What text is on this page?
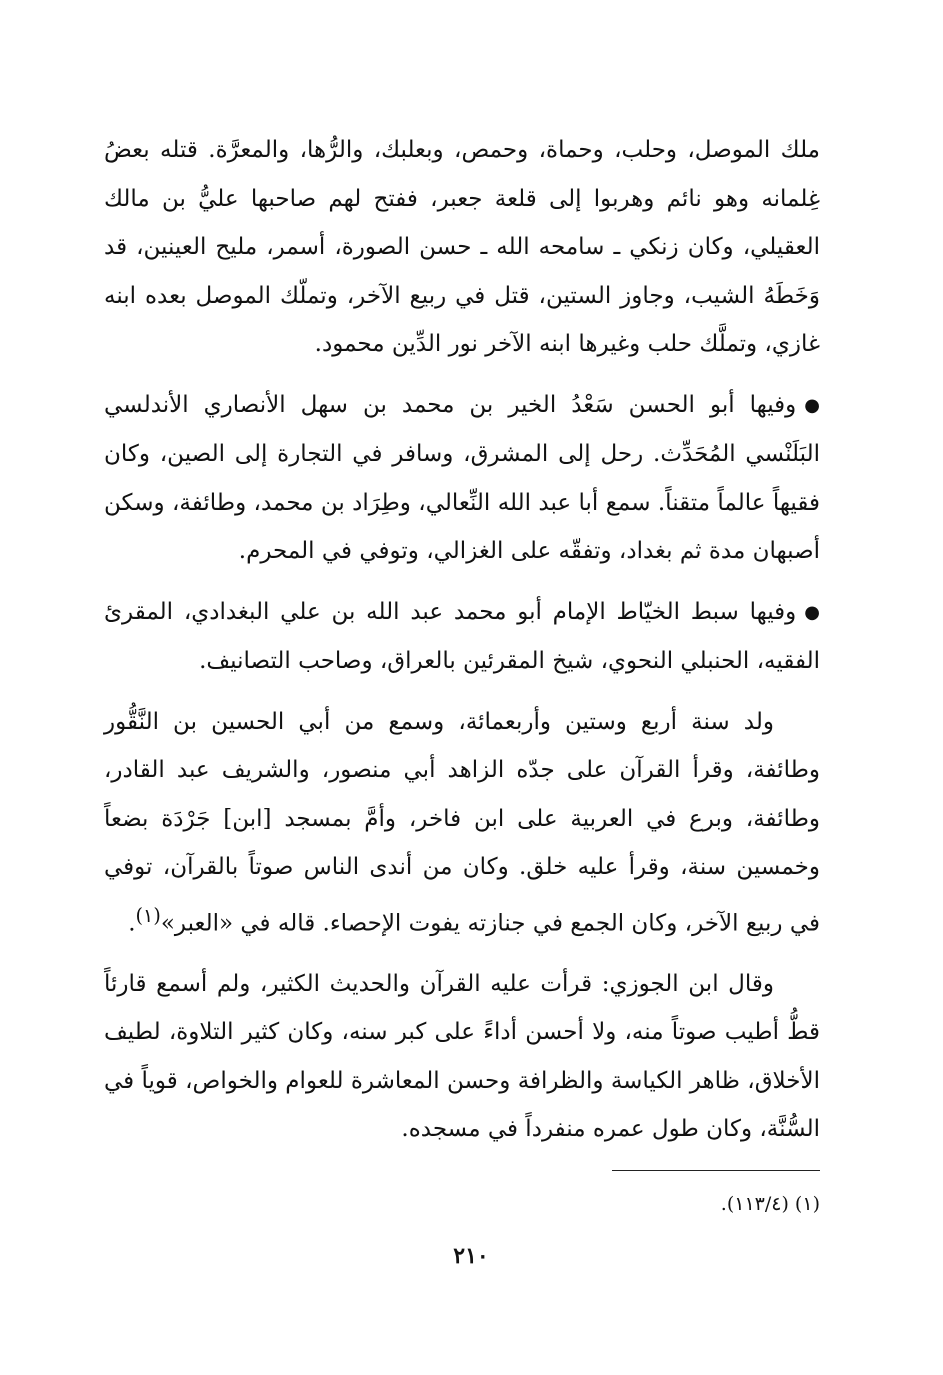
ملك الموصل، وحلب، وحماة، وحمص، وبعلبك، والرُّها، والمعرَّة. قتله بعضُ غِلمانه وهو نائم وهربوا إلى قلعة جعبر، ففتح لهم صاحبها عليُّ بن مالك العقيلي، وكان زنكي ـ سامحه الله ـ حسن الصورة، أسمر، مليح العينين، قد وَخَطَهُ الشيب، وجاوز الستين، قتل في ربيع الآخر، وتملّك الموصل بعده ابنه غازي، وتملَّك حلب وغيرها ابنه الآخر نور الدِّين محمود.

●وفيها أبو الحسن سَعْدُ الخير بن محمد بن سهل الأنصاري الأندلسي البَلَنْسي المُحَدِّث. رحل إلى المشرق، وسافر في التجارة إلى الصين، وكان فقيهاً عالماً متقناً. سمع أبا عبد الله النِّعالي، وطِرَاد بن محمد، وطائفة، وسكن أصبهان مدة ثم بغداد، وتفقّه على الغزالي، وتوفي في المحرم.

●وفيها سبط الخيّاط الإمام أبو محمد عبد الله بن علي البغدادي، المقرئ الفقيه، الحنبلي النحوي، شيخ المقرئين بالعراق، وصاحب التصانيف.

ولد سنة أربع وستين وأربعمائة، وسمع من أبي الحسين بن النَّقُّور وطائفة، وقرأ القرآن على جدّه الزاهد أبي منصور، والشريف عبد القادر، وطائفة، وبرع في العربية على ابن فاخر، وأمَّ بمسجد [ابن] جَرْدَة بضعاً وخمسين سنة، وقرأ عليه خلق. وكان من أندى الناس صوتاً بالقرآن، توفي في ربيع الآخر، وكان الجمع في جنازته يفوت الإحصاء. قاله في «العبر»$^{(١)}$.

وقال ابن الجوزي: قرأت عليه القرآن والحديث الكثير، ولم أسمع قارئاً قطُّ أطيب صوتاً منه، ولا أحسن أداءً على كبر سنه، وكان كثير التلاوة، لطيف الأخلاق، ظاهر الكياسة والظرافة وحسن المعاشرة للعوام والخواص، قوياً في السُّنَّة، وكان طول عمره منفرداً في مسجده.

(١) (١١٣/٤).
٢١٠
